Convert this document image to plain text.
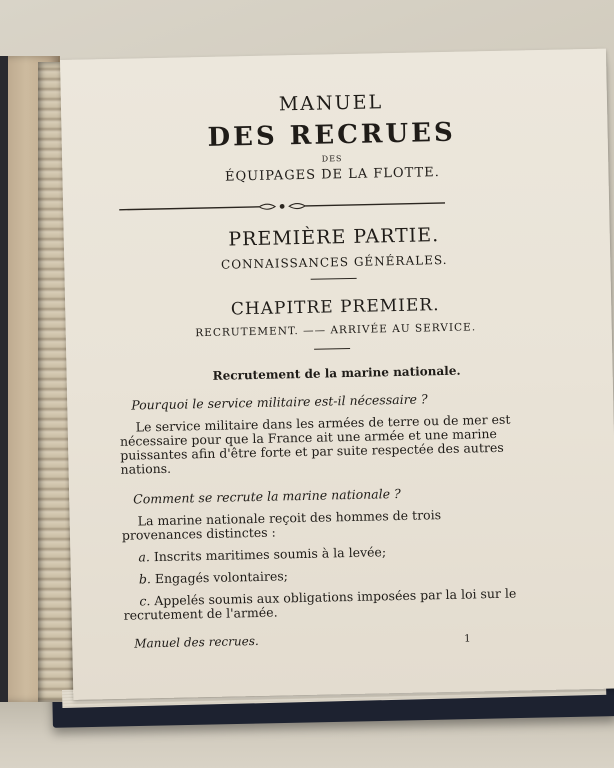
MANUEL
DES RECRUES
DES
ÉQUIPAGES DE LA FLOTTE.
PREMIÈRE PARTIE.
CONNAISSANCES GÉNÉRALES.
CHAPITRE PREMIER.
RECRUTEMENT. —— ARRIVÉE AU SERVICE.
Recrutement de la marine nationale.
Pourquoi le service militaire est-il nécessaire ?
Le service militaire dans les armées de terre ou de mer est nécessaire pour que la France ait une armée et une marine puissantes afin d'être forte et par suite respectée des autres nations.
Comment se recrute la marine nationale ?
La marine nationale reçoit des hommes de trois provenances distinctes :
a. Inscrits maritimes soumis à la levée;
b. Engagés volontaires;
c. Appelés soumis aux obligations imposées par la loi sur le recrutement de l'armée.
Manuel des recrues.	1
